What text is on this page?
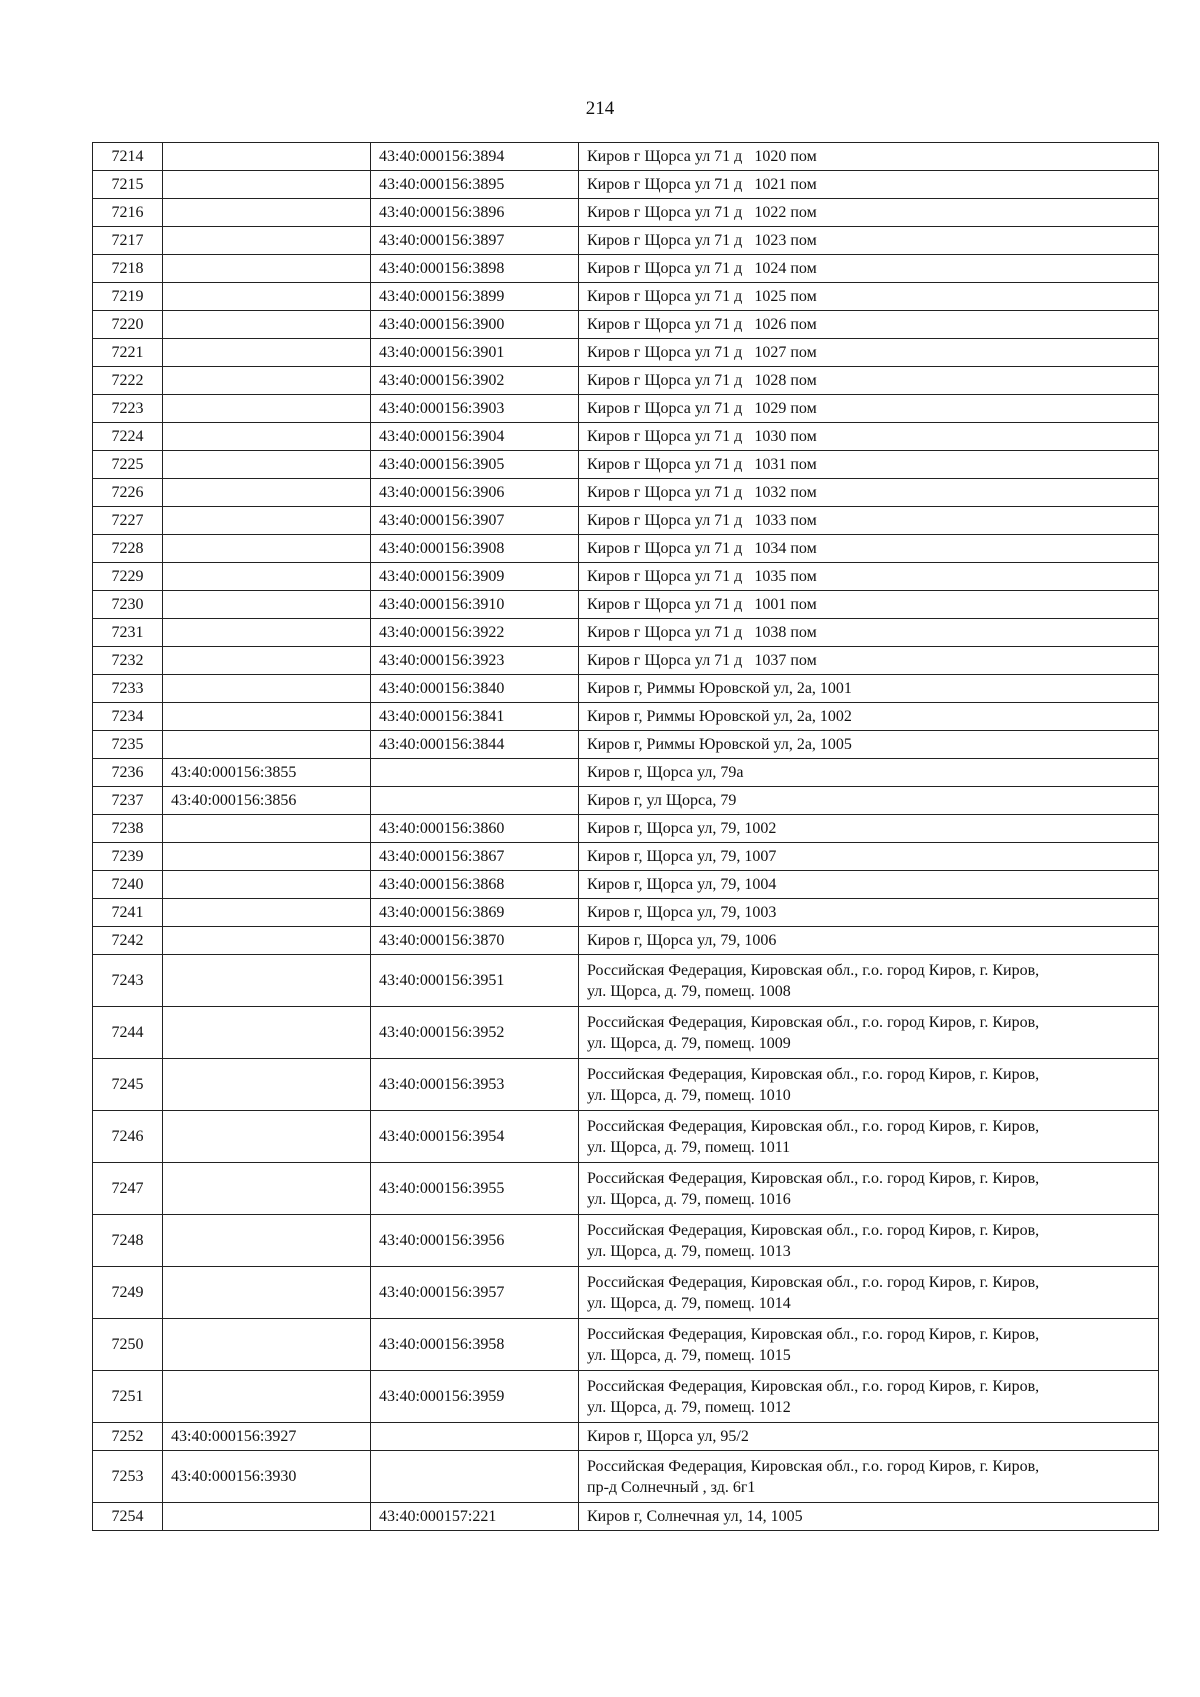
214
7214		43:40:000156:3894	Киров г Щорса ул 71 д   1020 пом

7215		43:40:000156:3895	Киров г Щорса ул 71 д   1021 пом

7216		43:40:000156:3896	Киров г Щорса ул 71 д   1022 пом

7217		43:40:000156:3897	Киров г Щорса ул 71 д   1023 пом

7218		43:40:000156:3898	Киров г Щорса ул 71 д   1024 пом

7219		43:40:000156:3899	Киров г Щорса ул 71 д   1025 пом

7220		43:40:000156:3900	Киров г Щорса ул 71 д   1026 пом

7221		43:40:000156:3901	Киров г Щорса ул 71 д   1027 пом

7222		43:40:000156:3902	Киров г Щорса ул 71 д   1028 пом

7223		43:40:000156:3903	Киров г Щорса ул 71 д   1029 пом

7224		43:40:000156:3904	Киров г Щорса ул 71 д   1030 пом

7225		43:40:000156:3905	Киров г Щорса ул 71 д   1031 пом

7226		43:40:000156:3906	Киров г Щорса ул 71 д   1032 пом

7227		43:40:000156:3907	Киров г Щорса ул 71 д   1033 пом

7228		43:40:000156:3908	Киров г Щорса ул 71 д   1034 пом

7229		43:40:000156:3909	Киров г Щорса ул 71 д   1035 пом

7230		43:40:000156:3910	Киров г Щорса ул 71 д   1001 пом

7231		43:40:000156:3922	Киров г Щорса ул 71 д   1038 пом

7232		43:40:000156:3923	Киров г Щорса ул 71 д   1037 пом

7233		43:40:000156:3840	Киров г, Риммы Юровской ул, 2а, 1001

7234		43:40:000156:3841	Киров г, Риммы Юровской ул, 2а, 1002

7235		43:40:000156:3844	Киров г, Риммы Юровской ул, 2а, 1005

7236	43:40:000156:3855		Киров г, Щорса ул, 79а

7237	43:40:000156:3856		Киров г, ул Щорса, 79

7238		43:40:000156:3860	Киров г, Щорса ул, 79, 1002

7239		43:40:000156:3867	Киров г, Щорса ул, 79, 1007

7240		43:40:000156:3868	Киров г, Щорса ул, 79, 1004

7241		43:40:000156:3869	Киров г, Щорса ул, 79, 1003

7242		43:40:000156:3870	Киров г, Щорса ул, 79, 1006

7243		43:40:000156:3951	Российская Федерация, Кировская обл., г.о. город Киров, г. Киров,
ул. Щорса, д. 79, помещ. 1008

7244		43:40:000156:3952	Российская Федерация, Кировская обл., г.о. город Киров, г. Киров,
ул. Щорса, д. 79, помещ. 1009

7245		43:40:000156:3953	Российская Федерация, Кировская обл., г.о. город Киров, г. Киров,
ул. Щорса, д. 79, помещ. 1010

7246		43:40:000156:3954	Российская Федерация, Кировская обл., г.о. город Киров, г. Киров,
ул. Щорса, д. 79, помещ. 1011

7247		43:40:000156:3955	Российская Федерация, Кировская обл., г.о. город Киров, г. Киров,
ул. Щорса, д. 79, помещ. 1016

7248		43:40:000156:3956	Российская Федерация, Кировская обл., г.о. город Киров, г. Киров,
ул. Щорса, д. 79, помещ. 1013

7249		43:40:000156:3957	Российская Федерация, Кировская обл., г.о. город Киров, г. Киров,
ул. Щорса, д. 79, помещ. 1014

7250		43:40:000156:3958	Российская Федерация, Кировская обл., г.о. город Киров, г. Киров,
ул. Щорса, д. 79, помещ. 1015

7251		43:40:000156:3959	Российская Федерация, Кировская обл., г.о. город Киров, г. Киров,
ул. Щорса, д. 79, помещ. 1012

7252	43:40:000156:3927		Киров г, Щорса ул, 95/2

7253	43:40:000156:3930		Российская Федерация, Кировская обл., г.о. город Киров, г. Киров,
пр-д Солнечный , зд. 6г1

7254		43:40:000157:221	Киров г, Солнечная ул, 14, 1005
